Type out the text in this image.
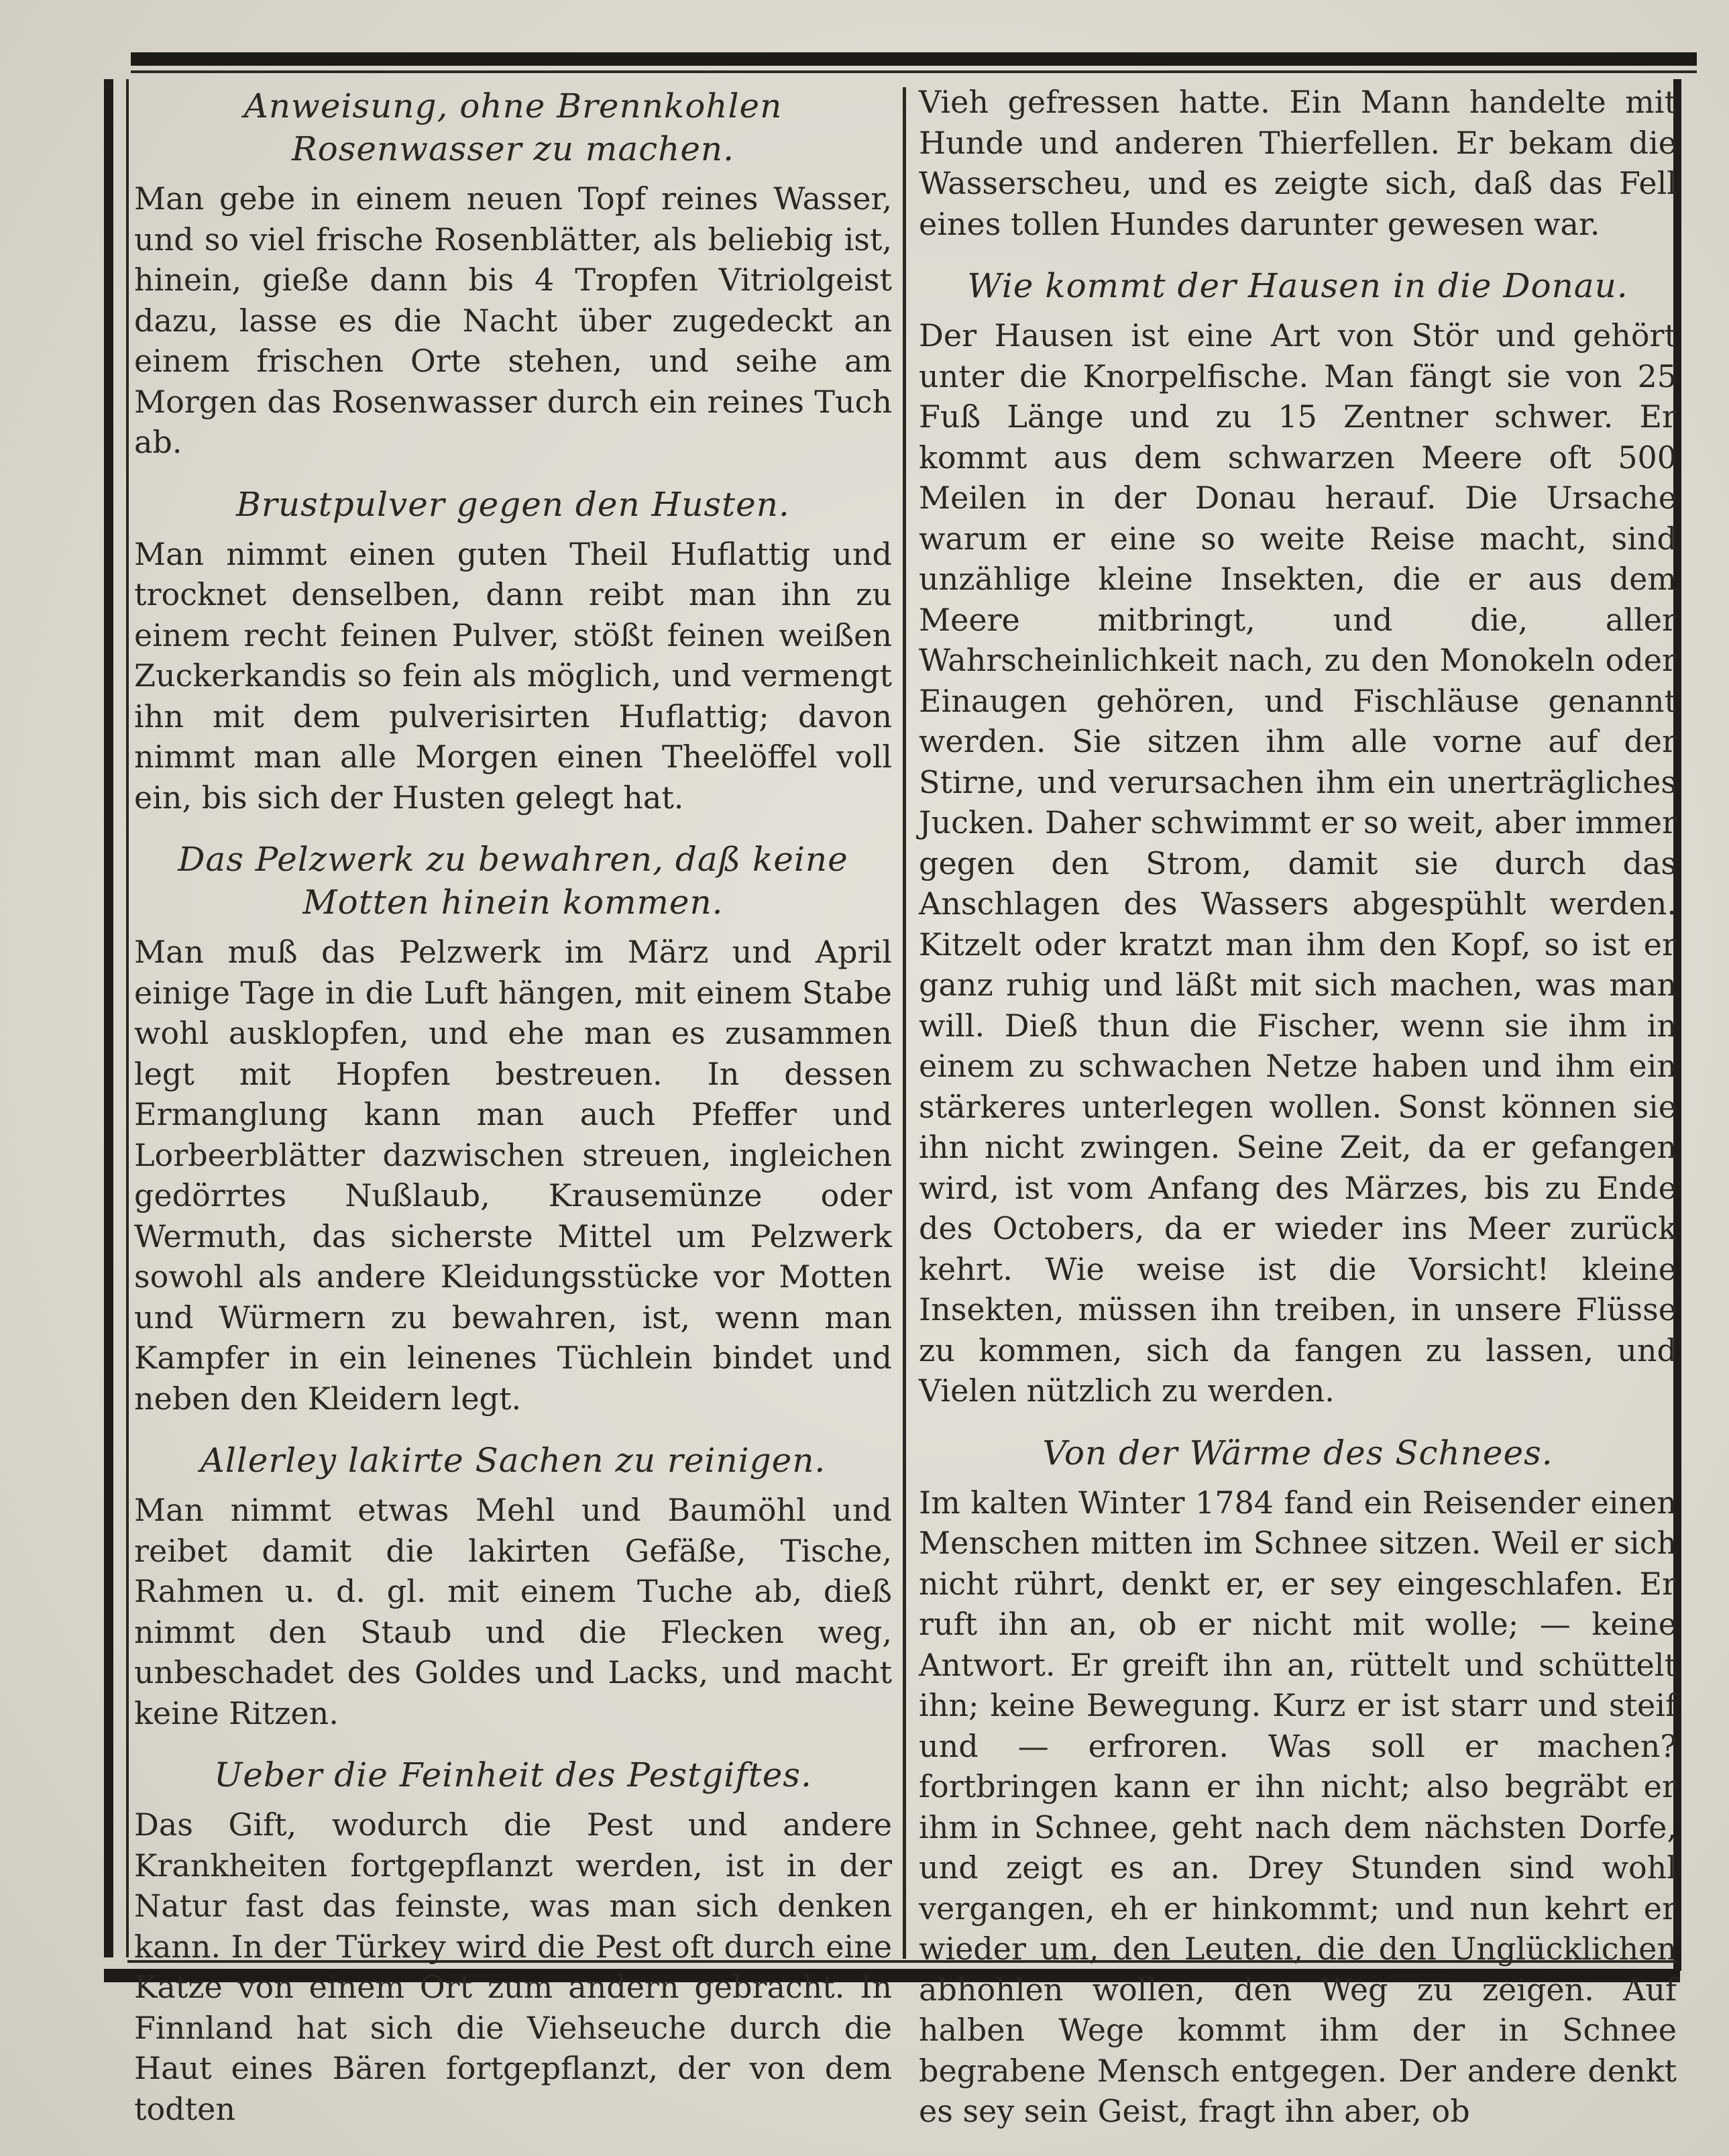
Anweisung, ohne Brennkohlen Rosenwasser zu machen.

Man gebe in einem neuen Topf reines Wasser, und so viel frische Rosenblätter, als beliebig ist, hinein, gieße dann bis 4 Tropfen Vitriolgeist dazu, lasse es die Nacht über zugedeckt an einem frischen Orte stehen, und seihe am Morgen das Rosenwasser durch ein reines Tuch ab.

Brustpulver gegen den Husten.

Man nimmt einen guten Theil Huflattig und trocknet denselben, dann reibt man ihn zu einem recht feinen Pulver, stößt feinen weißen Zuckerkandis so fein als möglich, und vermengt ihn mit dem pulverisirten Huflattig; davon nimmt man alle Morgen einen Theelöffel voll ein, bis sich der Husten gelegt hat.

Das Pelzwerk zu bewahren, daß keine Motten hinein kommen.

Man muß das Pelzwerk im März und April einige Tage in die Luft hängen, mit einem Stabe wohl ausklopfen, und ehe man es zusammen legt mit Hopfen bestreuen. In dessen Ermanglung kann man auch Pfeffer und Lorbeerblätter dazwischen streuen, ingleichen gedörrtes Nußlaub, Krausemünze oder Wermuth, das sicherste Mittel um Pelzwerk sowohl als andere Kleidungsstücke vor Motten und Würmern zu bewahren, ist, wenn man Kampfer in ein leinenes Tüchlein bindet und neben den Kleidern legt.

Allerley lakirte Sachen zu reinigen.

Man nimmt etwas Mehl und Baumöhl und reibet damit die lakirten Gefäße, Tische, Rahmen u. d. gl. mit einem Tuche ab, dieß nimmt den Staub und die Flecken weg, unbeschadet des Goldes und Lacks, und macht keine Ritzen.

Ueber die Feinheit des Pestgiftes.

Das Gift, wodurch die Pest und andere Krankheiten fortgepflanzt werden, ist in der Natur fast das feinste, was man sich denken kann. In der Türkey wird die Pest oft durch eine Katze von einem Ort zum andern gebracht. In Finnland hat sich die Viehseuche durch die Haut eines Bären fortgepflanzt, der von dem todten

Vieh gefressen hatte. Ein Mann handelte mit Hunde und anderen Thierfellen. Er bekam die Wasserscheu, und es zeigte sich, daß das Fell eines tollen Hundes darunter gewesen war.

Wie kommt der Hausen in die Donau.

Der Hausen ist eine Art von Stör und gehört unter die Knorpelfische. Man fängt sie von 25 Fuß Länge und zu 15 Zentner schwer. Er kommt aus dem schwarzen Meere oft 500 Meilen in der Donau herauf. Die Ursache warum er eine so weite Reise macht, sind unzählige kleine Insekten, die er aus dem Meere mitbringt, und die, aller Wahrscheinlichkeit nach, zu den Monokeln oder Einaugen gehören, und Fischläuse genannt werden. Sie sitzen ihm alle vorne auf der Stirne, und verursachen ihm ein unerträgliches Jucken. Daher schwimmt er so weit, aber immer gegen den Strom, damit sie durch das Anschlagen des Wassers abgespühlt werden. Kitzelt oder kratzt man ihm den Kopf, so ist er ganz ruhig und läßt mit sich machen, was man will. Dieß thun die Fischer, wenn sie ihm in einem zu schwachen Netze haben und ihm ein stärkeres unterlegen wollen. Sonst können sie ihn nicht zwingen. Seine Zeit, da er gefangen wird, ist vom Anfang des Märzes, bis zu Ende des Octobers, da er wieder ins Meer zurück kehrt. Wie weise ist die Vorsicht! kleine Insekten, müssen ihn treiben, in unsere Flüsse zu kommen, sich da fangen zu lassen, und Vielen nützlich zu werden.

Von der Wärme des Schnees.

Im kalten Winter 1784 fand ein Reisender einen Menschen mitten im Schnee sitzen. Weil er sich nicht rührt, denkt er, er sey eingeschlafen. Er ruft ihn an, ob er nicht mit wolle; — keine Antwort. Er greift ihn an, rüttelt und schüttelt ihn; keine Bewegung. Kurz er ist starr und steif und — erfroren. Was soll er machen? fortbringen kann er ihn nicht; also begräbt er ihm in Schnee, geht nach dem nächsten Dorfe, und zeigt es an. Drey Stunden sind wohl vergangen, eh er hinkommt; und nun kehrt er wieder um, den Leuten, die den Unglücklichen abhohlen wollen, den Weg zu zeigen. Auf halben Wege kommt ihm der in Schnee begrabene Mensch entgegen. Der andere denkt es sey sein Geist, fragt ihn aber, ob
